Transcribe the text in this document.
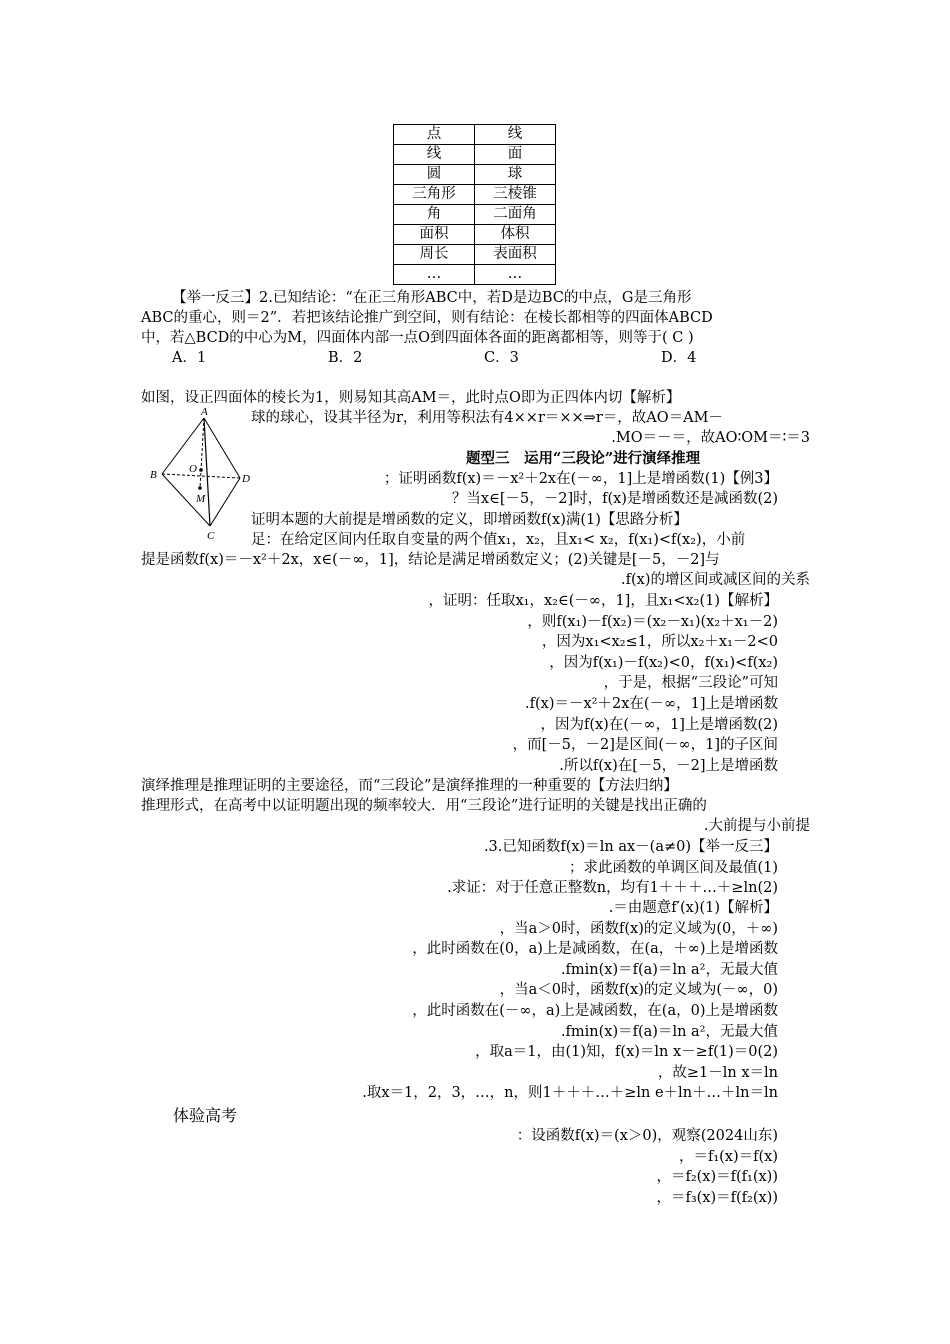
点	线
线	面
圆	球
三角形	三棱锥
角	二面角
面积	体积
周长	表面积
…	…
【举一反三】2.已知结论：“在正三角形ABC中，若D是边BC的中点，G是三角形
ABC的重心，则＝2”．若把该结论推广到空间，则有结论：在棱长都相等的四面体ABCD
中，若△BCD的中心为M，四面体内部一点O到四面体各面的距离都相等，则等于( C )
A．1	B．2	C．3	D．4
如图，设正四面体的棱长为1，则易知其高AM＝，此时点O即为正四体内切【解析】
球的球心，设其半径为r，利用等积法有4××r＝××⇒r＝，故AO＝AM－
.MO＝－＝，故AO∶OM＝∶＝3
A
B
C
D
O
M
题型三　运用“三段论”进行演绎推理
；证明函数f(x)＝－x²＋2x在(－∞，1]上是增函数(1)【例3】
？当x∈[－5，－2]时，f(x)是增函数还是减函数(2)
证明本题的大前提是增函数的定义，即增函数f(x)满(1)【思路分析】
足：在给定区间内任取自变量的两个值x₁，x₂，且x₁< x₂，f(x₁)<f(x₂)，小前
提是函数f(x)＝－x²＋2x，x∈(－∞，1]，结论是满足增函数定义；(2)关键是[－5，－2]与
.f(x)的增区间或减区间的关系
，证明：任取x₁，x₂∈(－∞，1]，且x₁<x₂(1)【解析】
，则f(x₁)－f(x₂)＝(x₂－x₁)(x₂＋x₁－2)
，因为x₁<x₂≤1，所以x₂＋x₁－2<0
，因为f(x₁)－f(x₂)<0，f(x₁)<f(x₂)
，于是，根据“三段论”可知
.f(x)＝－x²＋2x在(－∞，1]上是增函数
，因为f(x)在(－∞，1]上是增函数(2)
，而[－5，－2]是区间(－∞，1]的子区间
.所以f(x)在[－5，－2]上是增函数
演绎推理是推理证明的主要途径，而“三段论”是演绎推理的一种重要的【方法归纳】
推理形式，在高考中以证明题出现的频率较大．用“三段论”进行证明的关键是找出正确的
.大前提与小前提
.3.已知函数f(x)＝ln ax－(a≠0)【举一反三】
；求此函数的单调区间及最值(1)
.求证：对于任意正整数n，均有1＋＋＋…＋≥ln(2)
.＝由题意f′(x)(1)【解析】
，当a＞0时，函数f(x)的定义域为(0，＋∞)
，此时函数在(0，a)上是减函数，在(a，＋∞)上是增函数
.fmin(x)＝f(a)＝ln a²，无最大值
，当a＜0时，函数f(x)的定义域为(－∞，0)
，此时函数在(－∞，a)上是减函数，在(a，0)上是增函数
.fmin(x)＝f(a)＝ln a²，无最大值
，取a＝1，由(1)知，f(x)＝ln x－≥f(1)＝0(2)
，故≥1－ln x＝ln
.取x＝1，2，3，…，n，则1＋＋＋…＋≥ln e＋ln＋…＋ln＝ln
体验高考
：设函数f(x)＝(x＞0)，观察(2024山东)
，＝f₁(x)＝f(x)
，＝f₂(x)＝f(f₁(x))
，＝f₃(x)＝f(f₂(x))
